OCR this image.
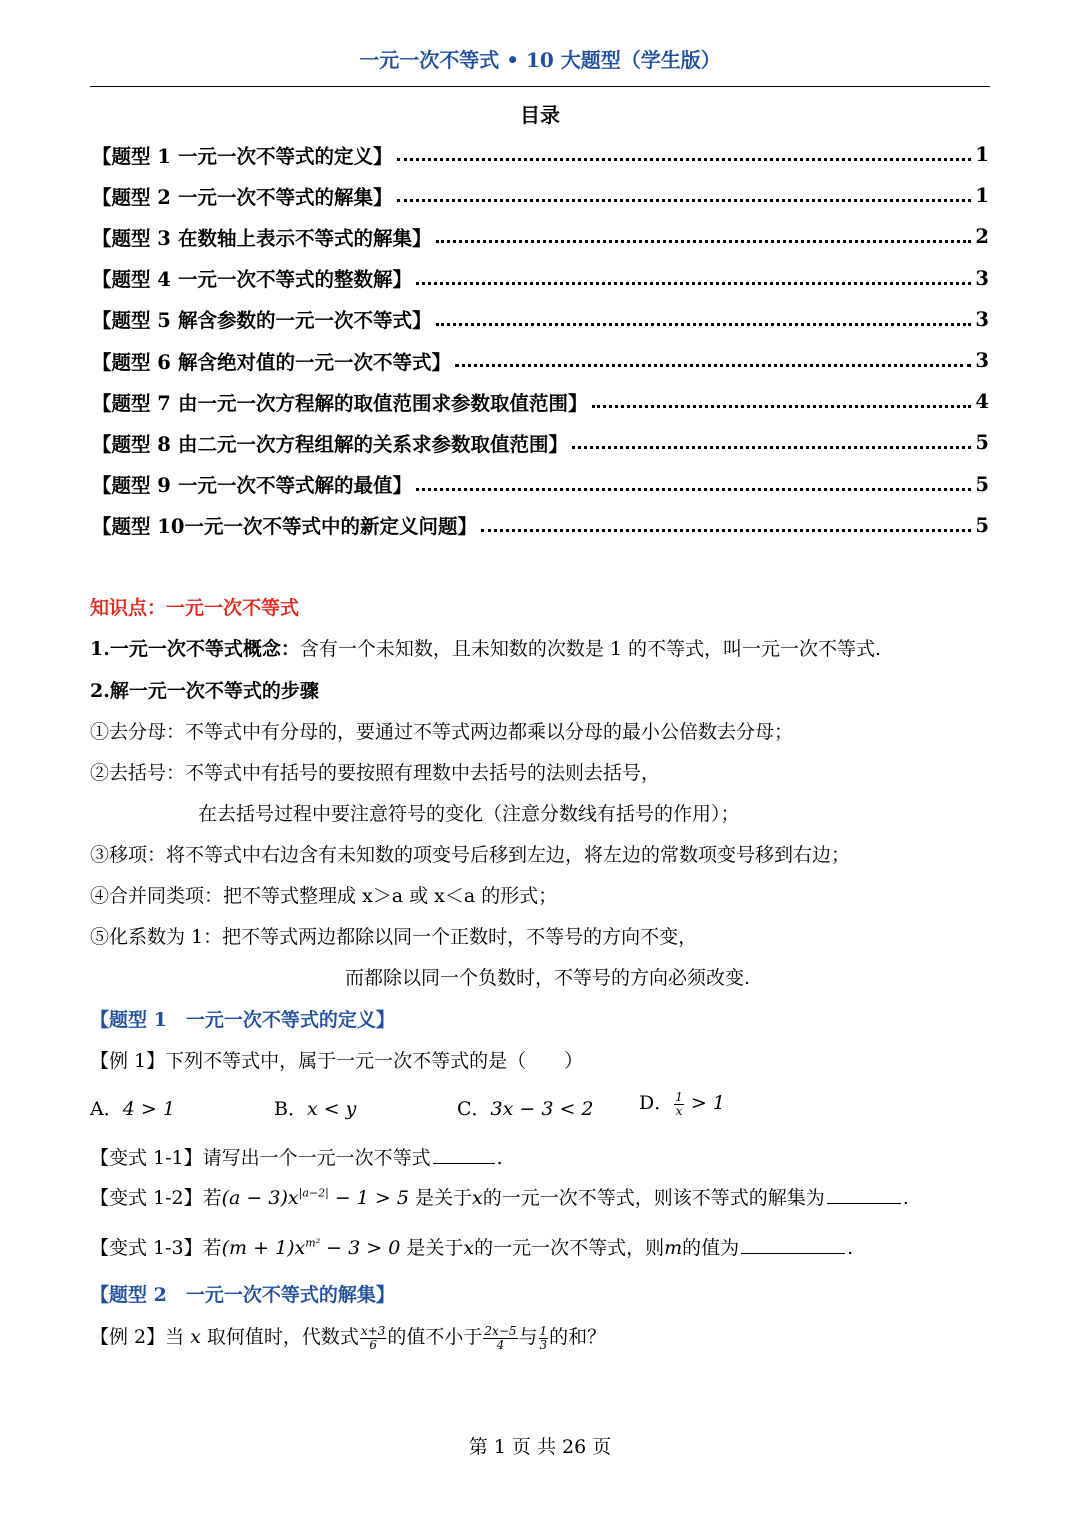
一元一次不等式 • 10 大题型（学生版）
目录
【题型 1 一元一次不等式的定义】	1
【题型 2 一元一次不等式的解集】	1
【题型 3 在数轴上表示不等式的解集】	2
【题型 4 一元一次不等式的整数解】	3
【题型 5 解含参数的一元一次不等式】	3
【题型 6 解含绝对值的一元一次不等式】	3
【题型 7 由一元一次方程解的取值范围求参数取值范围】	4
【题型 8 由二元一次方程组解的关系求参数取值范围】	5
【题型 9 一元一次不等式解的最值】	5
【题型 10一元一次不等式中的新定义问题】	5
知识点：一元一次不等式
1.一元一次不等式概念：含有一个未知数，且未知数的次数是 1 的不等式，叫一元一次不等式.
2.解一元一次不等式的步骤
①去分母：不等式中有分母的，要通过不等式两边都乘以分母的最小公倍数去分母；
②去括号：不等式中有括号的要按照有理数中去括号的法则去括号，
在去括号过程中要注意符号的变化（注意分数线有括号的作用）；
③移项：将不等式中右边含有未知数的项变号后移到左边，将左边的常数项变号移到右边；
④合并同类项：把不等式整理成 x＞a 或 x＜a 的形式；
⑤化系数为 1：把不等式两边都除以同一个正数时，不等号的方向不变，
而都除以同一个负数时，不等号的方向必须改变.
【题型 1　一元一次不等式的定义】
【例 1】下列不等式中，属于一元一次不等式的是（　　）
A．4 > 1	B．x < y	C．3x − 3 < 2 D． $\frac{1}{x} > 1$
【变式 1-1】请写出一个一元一次不等式	.
【变式 1-2】若$(a - 3)x^{|a-2|} - 1 > 5$ 是关于x的一元一次不等式，则该不等式的解集为	.
【变式 1-3】若$(m + 1)x^{m^2} - 3 > 0$ 是关于x的一元一次不等式，则m的值为	.
【题型 2　一元一次不等式的解集】
【例 2】当 x 取何值时，代数式 $\frac{x+3}{6}$ 的值不小于 $\frac{2x-5}{4}$ 与 $\frac{1}{3}$ 的和？
第 1 页 共 26 页
